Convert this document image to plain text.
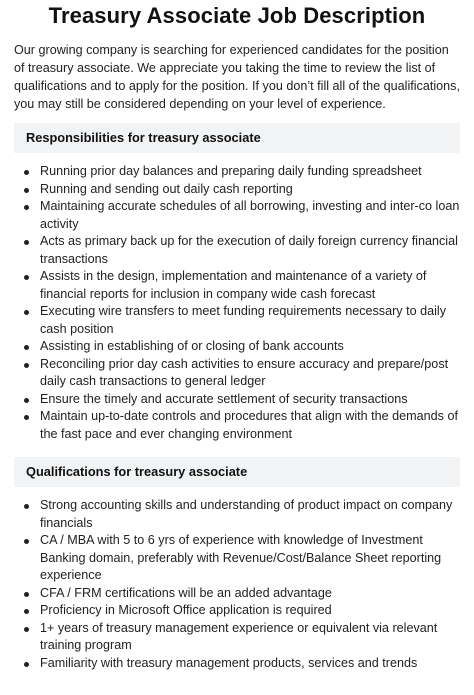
Treasury Associate Job Description

Our growing company is searching for experienced candidates for the position of treasury associate. We appreciate you taking the time to review the list of qualifications and to apply for the position. If you don’t fill all of the qualifications, you may still be considered depending on your level of experience.

Responsibilities for treasury associate
Running prior day balances and preparing daily funding spreadsheet
Running and sending out daily cash reporting
Maintaining accurate schedules of all borrowing, investing and inter-co loan activity
Acts as primary back up for the execution of daily foreign currency financial transactions
Assists in the design, implementation and maintenance of a variety of financial reports for inclusion in company wide cash forecast
Executing wire transfers to meet funding requirements necessary to daily cash position
Assisting in establishing of or closing of bank accounts
Reconciling prior day cash activities to ensure accuracy and prepare/post daily cash transactions to general ledger
Ensure the timely and accurate settlement of security transactions
Maintain up-to-date controls and procedures that align with the demands of the fast pace and ever changing environment
Qualifications for treasury associate
Strong accounting skills and understanding of product impact on company financials
CA / MBA with 5 to 6 yrs of experience with knowledge of Investment Banking domain, preferably with Revenue/Cost/Balance Sheet reporting experience
CFA / FRM certifications will be an added advantage
Proficiency in Microsoft Office application is required
1+ years of treasury management experience or equivalent via relevant training program
Familiarity with treasury management products, services and trends
